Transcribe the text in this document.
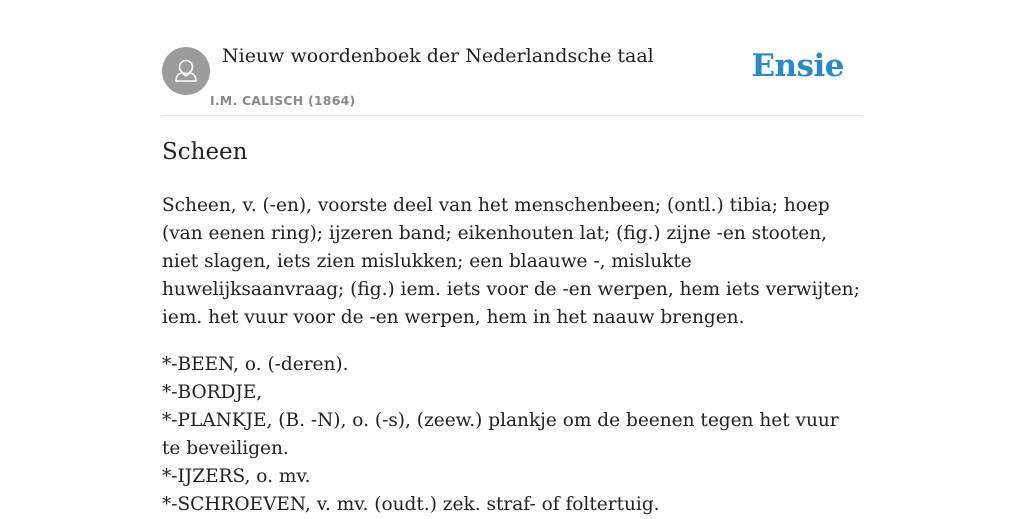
Nieuw woordenboek der Nederlandsche taal
I.M. CALISCH (1864)
Ensie
Scheen

Scheen, v. (-en), voorste deel van het menschenbeen; (ontl.) tibia; hoep (van eenen ring); ijzeren band; eikenhouten lat; (fig.) zijne -en stooten, niet slagen, iets zien mislukken; een blaauwe -, mislukte huwelijksaanvraag; (fig.) iem. iets voor de -en werpen, hem iets verwijten; iem. het vuur voor de -en werpen, hem in het naauw brengen.

*-BEEN, o. (-deren).
*-BORDJE,
*-PLANKJE, (B. -N), o. (-s), (zeew.) plankje om de beenen tegen het vuur te beveiligen.
*-IJZERS, o. mv.
*-SCHROEVEN, v. mv. (oudt.) zek. straf- of foltertuig.
